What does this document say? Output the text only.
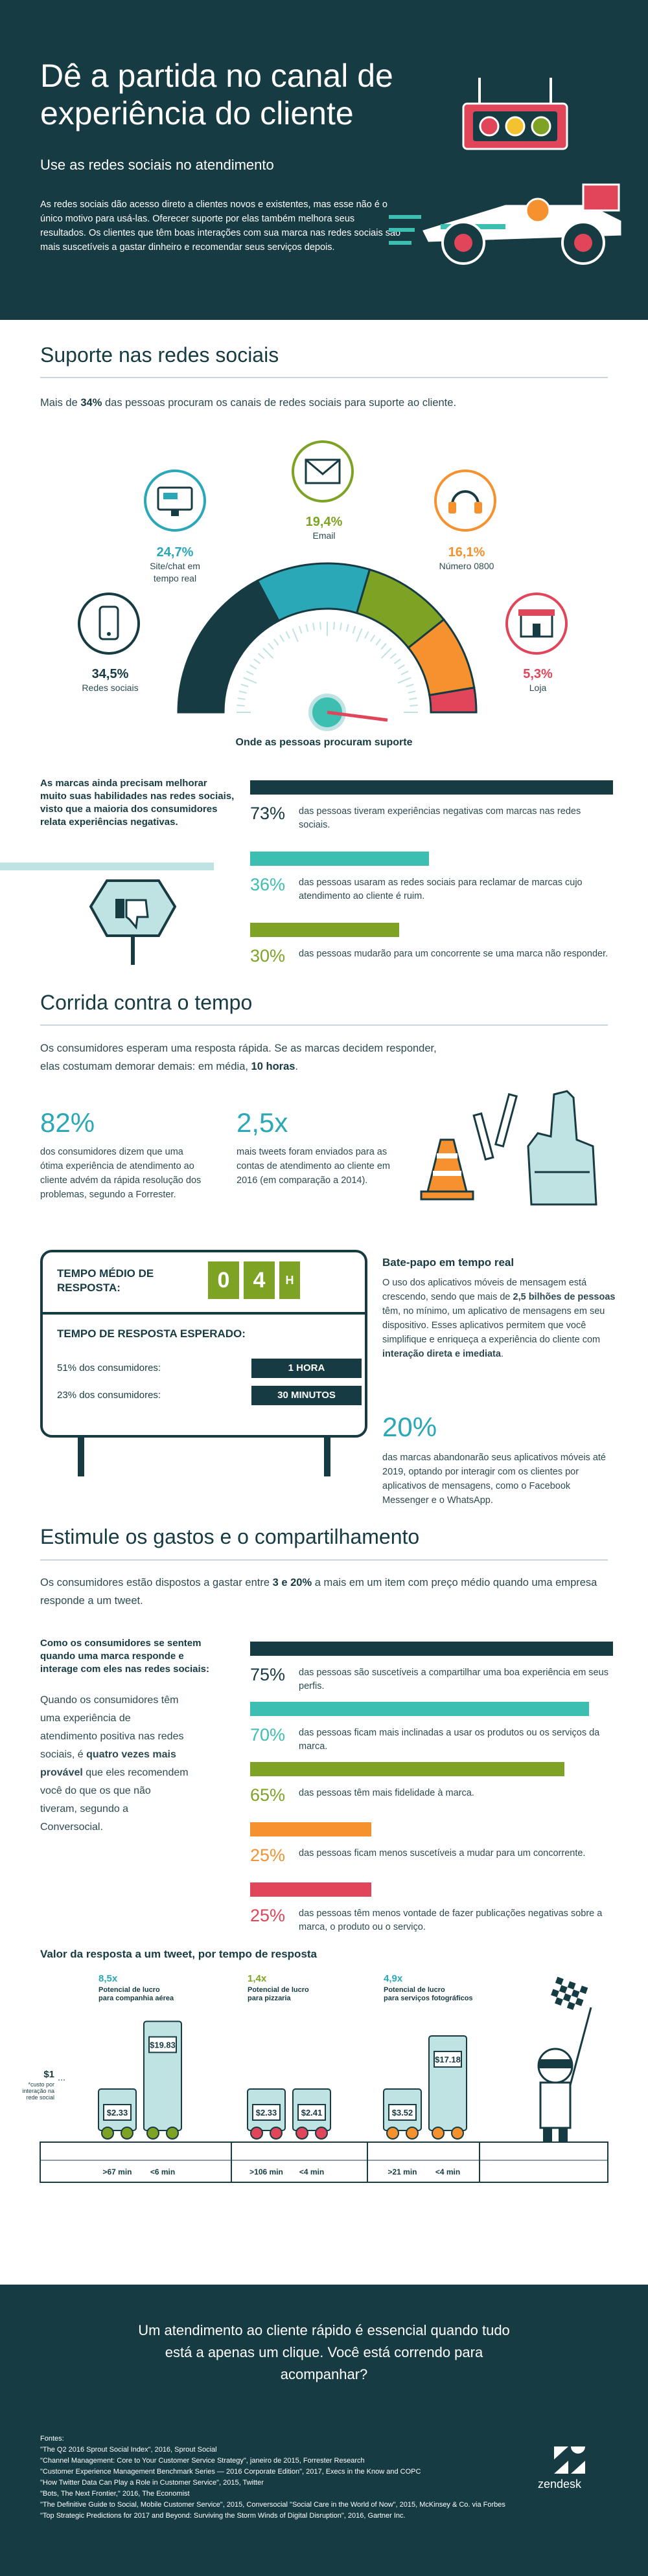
Dê a partida no canal de experiência do cliente
Use as redes sociais no atendimento
As redes sociais dão acesso direto a clientes novos e existentes, mas esse não é o único motivo para usá-las. Oferecer suporte por elas também melhora seus resultados. Os clientes que têm boas interações com sua marca nas redes sociais são mais suscetíveis a gastar dinheiro e recomendar seus serviços depois.
Suporte nas redes sociais
Mais de 34% das pessoas procuram os canais de redes sociais para suporte ao cliente.
34,5%
Redes sociais
24,7%
Site/chat em tempo real
19,4%
Email
16,1%
Número 0800
5,3%
Loja
Onde as pessoas procuram suporte
As marcas ainda precisam melhorar muito suas habilidades nas redes sociais, visto que a maioria dos consumidores relata experiências negativas.	73% das pessoas tiveram experiências negativas com marcas nas redes sociais.
36% das pessoas usaram as redes sociais para reclamar de marcas cujo atendimento ao cliente é ruim.
30% das pessoas mudarão para um concorrente se uma marca não responder.
Corrida contra o tempo
Os consumidores esperam uma resposta rápida. Se as marcas decidem responder, elas costumam demorar demais: em média, 10 horas.
82%
dos consumidores dizem que uma ótima experiência de atendimento ao cliente advém da rápida resolução dos problemas, segundo a Forrester.
2,5x
mais tweets foram enviados para as contas de atendimento ao cliente em 2016 (em comparação a 2014).
TEMPO MÉDIO DE RESPOSTA:	0	4	H
TEMPO DE RESPOSTA ESPERADO:
51% dos consumidores:	1 HORA
23% dos consumidores:	30 MINUTOS
Bate-papo em tempo real
O uso dos aplicativos móveis de mensagem está crescendo, sendo que mais de 2,5 bilhões de pessoas têm, no mínimo, um aplicativo de mensagens em seu dispositivo. Esses aplicativos permitem que você simplifique e enriqueça a experiência do cliente com interação direta e imediata.
20%
das marcas abandonarão seus aplicativos móveis até 2019, optando por interagir com os clientes por aplicativos de mensagens, como o Facebook Messenger e o WhatsApp.
Estimule os gastos e o compartilhamento
Os consumidores estão dispostos a gastar entre 3 e 20% a mais em um item com preço médio quando uma empresa responde a um tweet.
Como os consumidores se sentem quando uma marca responde e interage com eles nas redes sociais:
Quando os consumidores têm uma experiência de atendimento positiva nas redes sociais, é quatro vezes mais provável que eles recomendem você do que os que não tiveram, segundo a Conversocial.
75% das pessoas são suscetíveis a compartilhar uma boa experiência em seus perfis.
70% das pessoas ficam mais inclinadas a usar os produtos ou os serviços da marca.
65% das pessoas têm mais fidelidade à marca.
25% das pessoas ficam menos suscetíveis a mudar para um concorrente.
25% das pessoas têm menos vontade de fazer publicações negativas sobre a marca, o produto ou o serviço.
Valor da resposta a um tweet, por tempo de resposta
$1
*custo por interação na rede social
8,5x
Potencial de lucro para companhia aérea
$2.33
>67 min
$19.83
<6 min
1,4x
Potencial de lucro para pizzaria
$2.33
>106 min
$2.41
<4 min
4,9x
Potencial de lucro para serviços fotográficos
$3.52
>21 min
$17.18
<4 min
Um atendimento ao cliente rápido é essencial quando tudo está a apenas um clique. Você está correndo para acompanhar?
Fontes:
"The Q2 2016 Sprout Social Index", 2016, Sprout Social
"Channel Management: Core to Your Customer Service Strategy", janeiro de 2015, Forrester Research
"Customer Experience Management Benchmark Series — 2016 Corporate Edition", 2017, Execs in the Know and COPC
"How Twitter Data Can Play a Role in Customer Service", 2015, Twitter
"Bots, The Next Frontier," 2016, The Economist
"The Definitive Guide to Social, Mobile Customer Service", 2015, Conversocial "Social Care in the World of Now", 2015, McKinsey & Co. via Forbes
"Top Strategic Predictions for 2017 and Beyond: Surviving the Storm Winds of Digital Disruption", 2016, Gartner Inc.
zendesk
